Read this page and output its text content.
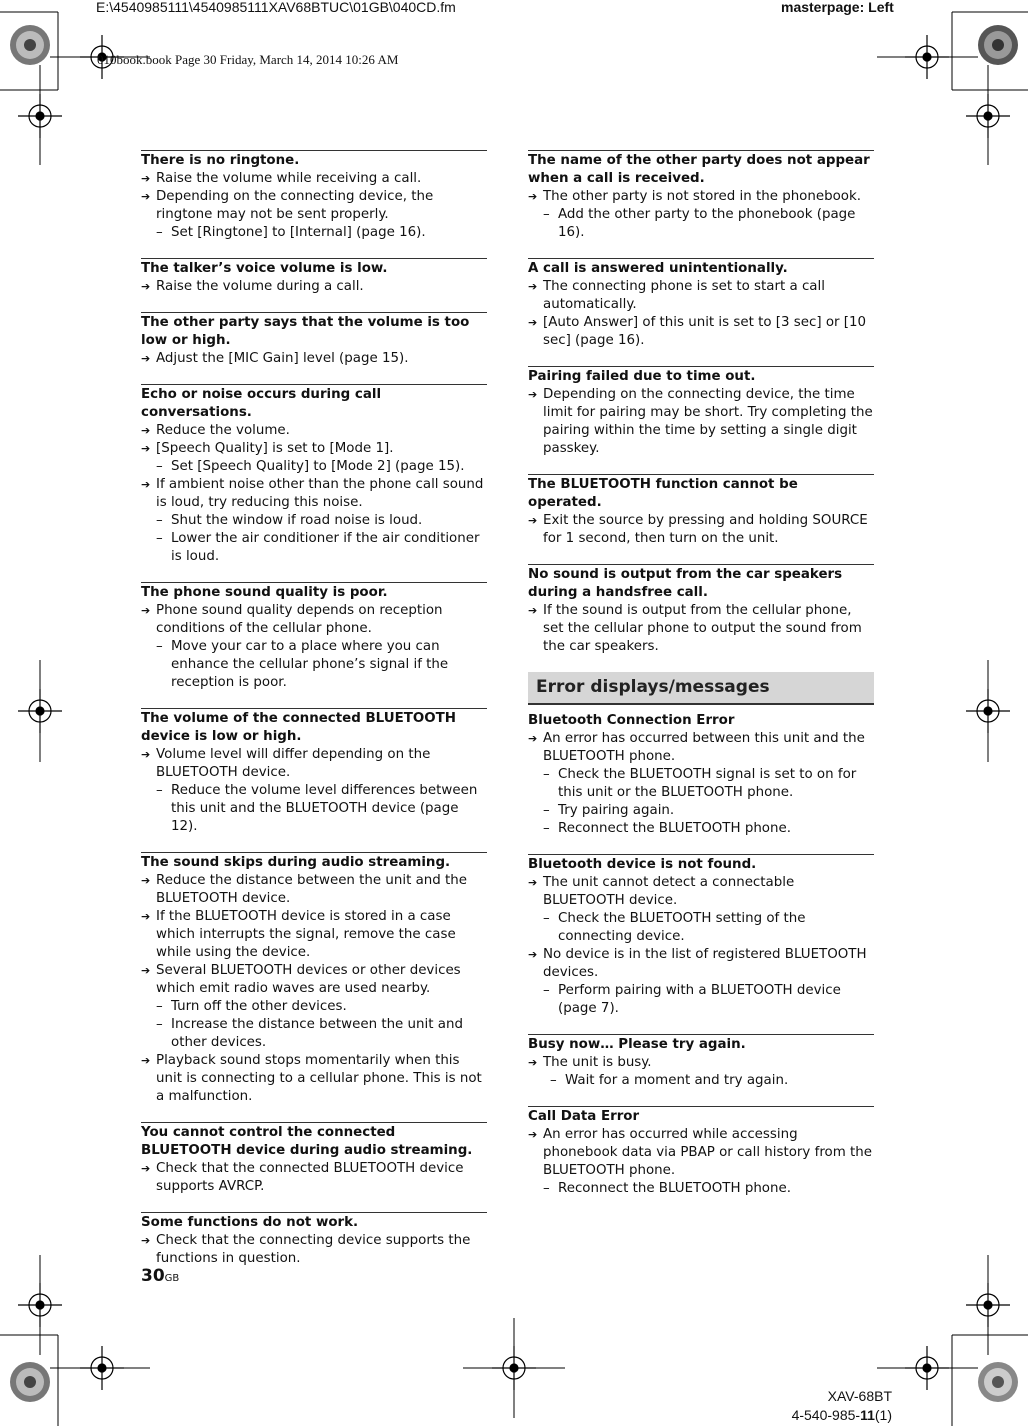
E:\4540985111\4540985111XAV68BTUC\01GB\040CD.fm	masterpage: Left
010book.book Page 30 Friday, March 14, 2014 10:26 AM
There is no ringtone.
➔ Raise the volume while receiving a call.
➔ Depending on the connecting device, the ringtone may not be sent properly.
– Set [Ringtone] to [Internal] (page 16).
The talker’s voice volume is low.
➔ Raise the volume during a call.
The other party says that the volume is too low or high.
➔ Adjust the [MIC Gain] level (page 15).
Echo or noise occurs during call conversations.
➔ Reduce the volume.
➔ [Speech Quality] is set to [Mode 1].
– Set [Speech Quality] to [Mode 2] (page 15).
➔ If ambient noise other than the phone call sound is loud, try reducing this noise.
– Shut the window if road noise is loud.
– Lower the air conditioner if the air conditioner is loud.
The phone sound quality is poor.
➔ Phone sound quality depends on reception conditions of the cellular phone.
– Move your car to a place where you can enhance the cellular phone’s signal if the reception is poor.
The volume of the connected BLUETOOTH device is low or high.
➔ Volume level will differ depending on the BLUETOOTH device.
– Reduce the volume level differences between this unit and the BLUETOOTH device (page 12).
The sound skips during audio streaming.
➔ Reduce the distance between the unit and the BLUETOOTH device.
➔ If the BLUETOOTH device is stored in a case which interrupts the signal, remove the case while using the device.
➔ Several BLUETOOTH devices or other devices which emit radio waves are used nearby.
– Turn off the other devices.
– Increase the distance between the unit and other devices.
➔ Playback sound stops momentarily when this unit is connecting to a cellular phone. This is not a malfunction.
You cannot control the connected BLUETOOTH device during audio streaming.
➔ Check that the connected BLUETOOTH device supports AVRCP.
Some functions do not work.
➔ Check that the connecting device supports the functions in question.
The name of the other party does not appear when a call is received.
➔ The other party is not stored in the phonebook.
– Add the other party to the phonebook (page 16).
A call is answered unintentionally.
➔ The connecting phone is set to start a call automatically.
➔ [Auto Answer] of this unit is set to [3 sec] or [10 sec] (page 16).
Pairing failed due to time out.
➔ Depending on the connecting device, the time limit for pairing may be short. Try completing the pairing within the time by setting a single digit passkey.
The BLUETOOTH function cannot be operated.
➔ Exit the source by pressing and holding SOURCE for 1 second, then turn on the unit.
No sound is output from the car speakers during a handsfree call.
➔ If the sound is output from the cellular phone, set the cellular phone to output the sound from the car speakers.
Error displays/messages
Bluetooth Connection Error
➔ An error has occurred between this unit and the BLUETOOTH phone.
– Check the BLUETOOTH signal is set to on for this unit or the BLUETOOTH phone.
– Try pairing again.
– Reconnect the BLUETOOTH phone.
Bluetooth device is not found.
➔ The unit cannot detect a connectable BLUETOOTH device.
– Check the BLUETOOTH setting of the connecting device.
➔ No device is in the list of registered BLUETOOTH devices.
– Perform pairing with a BLUETOOTH device (page 7).
Busy now… Please try again.
➔ The unit is busy.
– Wait for a moment and try again.
Call Data Error
➔ An error has occurred while accessing phonebook data via PBAP or call history from the BLUETOOTH phone.
– Reconnect the BLUETOOTH phone.
30GB
XAV-68BT
4-540-985-11(1)
